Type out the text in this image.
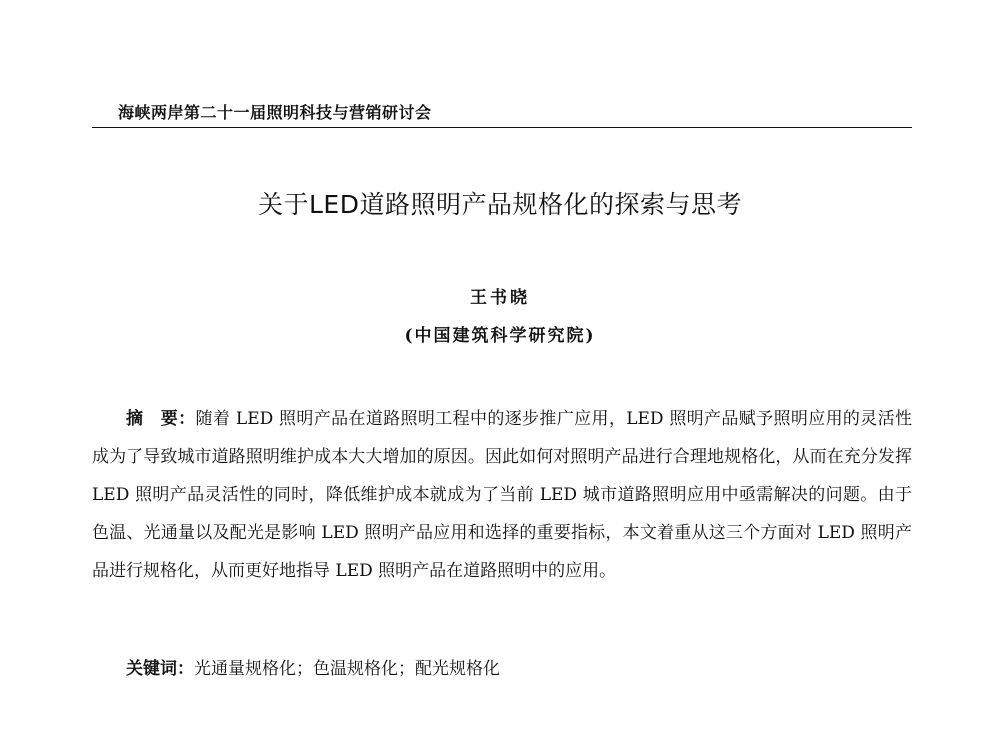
海峡两岸第二十一届照明科技与营销研讨会
关于LED道路照明产品规格化的探索与思考
王书晓
(中国建筑科学研究院)
摘　要：随着 LED 照明产品在道路照明工程中的逐步推广应用，LED 照明产品赋予照明应用的灵活性成为了导致城市道路照明维护成本大大增加的原因。因此如何对照明产品进行合理地规格化，从而在充分发挥 LED 照明产品灵活性的同时，降低维护成本就成为了当前 LED 城市道路照明应用中亟需解决的问题。由于色温、光通量以及配光是影响 LED 照明产品应用和选择的重要指标，本文着重从这三个方面对 LED 照明产品进行规格化，从而更好地指导 LED 照明产品在道路照明中的应用。
关键词：光通量规格化；色温规格化；配光规格化
